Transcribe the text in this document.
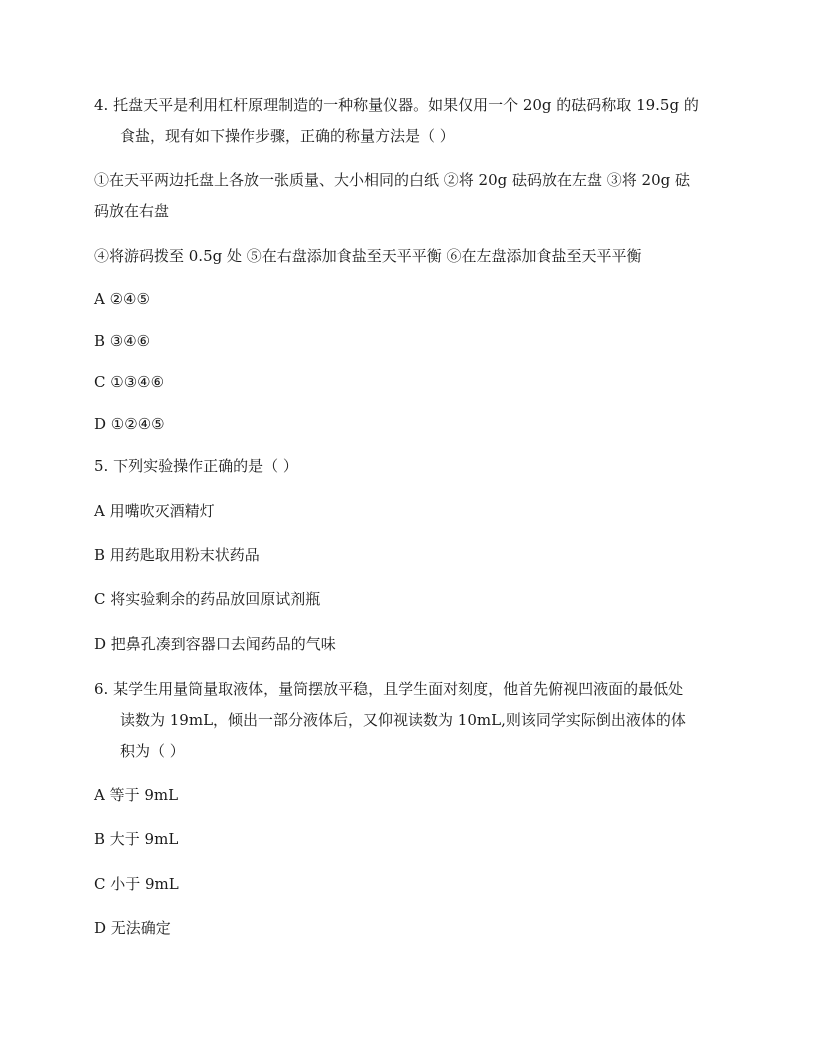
4. 托盘天平是利用杠杆原理制造的一种称量仪器。如果仅用一个 20g 的砝码称取 19.5g 的
食盐，现有如下操作步骤，正确的称量方法是（ ）
①在天平两边托盘上各放一张质量、大小相同的白纸 ②将 20g 砝码放在左盘 ③将 20g 砝
码放在右盘
④将游码拨至 0.5g 处 ⑤在右盘添加食盐至天平平衡 ⑥在左盘添加食盐至天平平衡
A ②④⑤
B ③④⑥
C ①③④⑥
D ①②④⑤
5. 下列实验操作正确的是（ ）
A 用嘴吹灭酒精灯
B 用药匙取用粉末状药品
C 将实验剩余的药品放回原试剂瓶
D 把鼻孔凑到容器口去闻药品的气味
6. 某学生用量筒量取液体，量筒摆放平稳，且学生面对刻度，他首先俯视凹液面的最低处
读数为 19mL，倾出一部分液体后，又仰视读数为 10mL,则该同学实际倒出液体的体
积为（ ）
A 等于 9mL
B 大于 9mL
C 小于 9mL
D 无法确定
